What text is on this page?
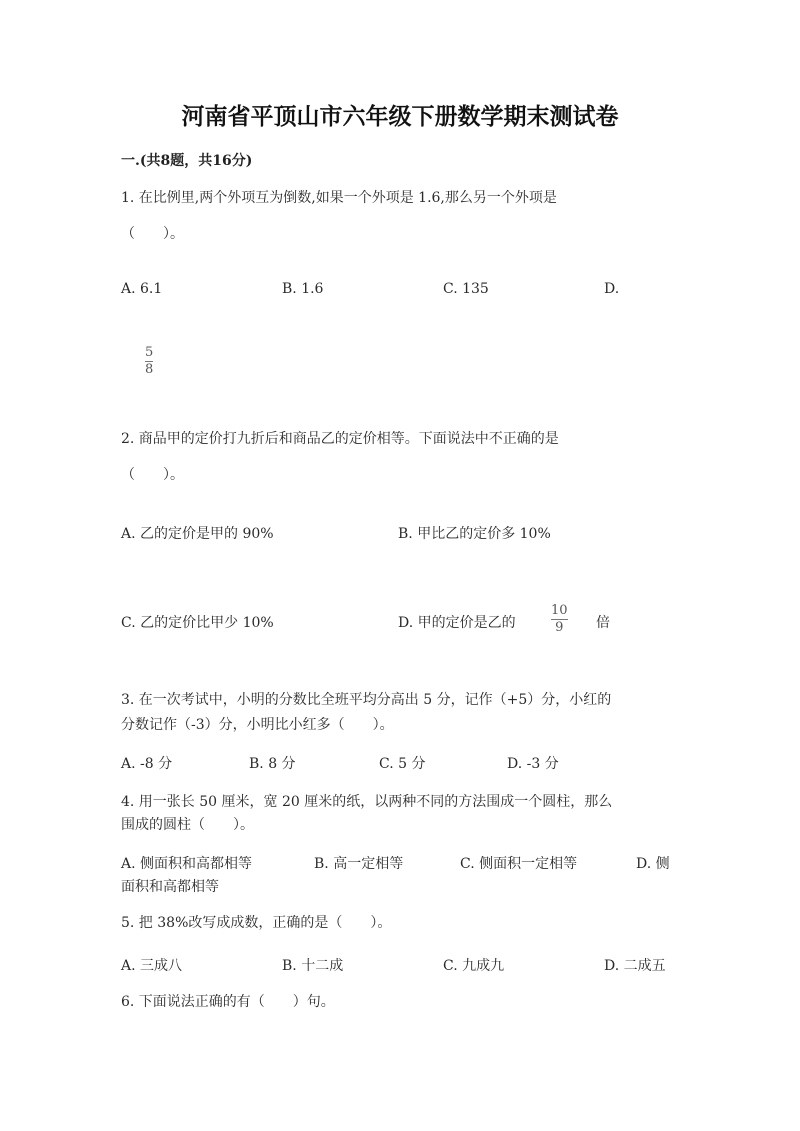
河南省平顶山市六年级下册数学期末测试卷
一.(共8题，共16分)
1. 在比例里,两个外项互为倒数,如果一个外项是 1.6,那么另一个外项是
（　　）。
A. 6.1	B. 1.6	C. 135	D.
5
8
2. 商品甲的定价打九折后和商品乙的定价相等。下面说法中不正确的是
（　　）。
A. 乙的定价是甲的 90%	B. 甲比乙的定价多 10%
C. 乙的定价比甲少 10%	D. 甲的定价是乙的
10
9 倍
3. 在一次考试中，小明的分数比全班平均分高出 5 分，记作（+5）分，小红的
分数记作（-3）分，小明比小红多（　　）。
A. -8 分	B. 8 分	C. 5 分	D. -3 分
4. 用一张长 50 厘米，宽 20 厘米的纸，以两种不同的方法围成一个圆柱，那么
围成的圆柱（　　）。
A. 侧面积和高都相等	B. 高一定相等	C. 侧面积一定相等	D. 侧
面积和高都相等
5. 把 38%改写成成数，正确的是（　　）。
A. 三成八	B. 十二成	C. 九成九	D. 二成五
6. 下面说法正确的有（　　）句。
